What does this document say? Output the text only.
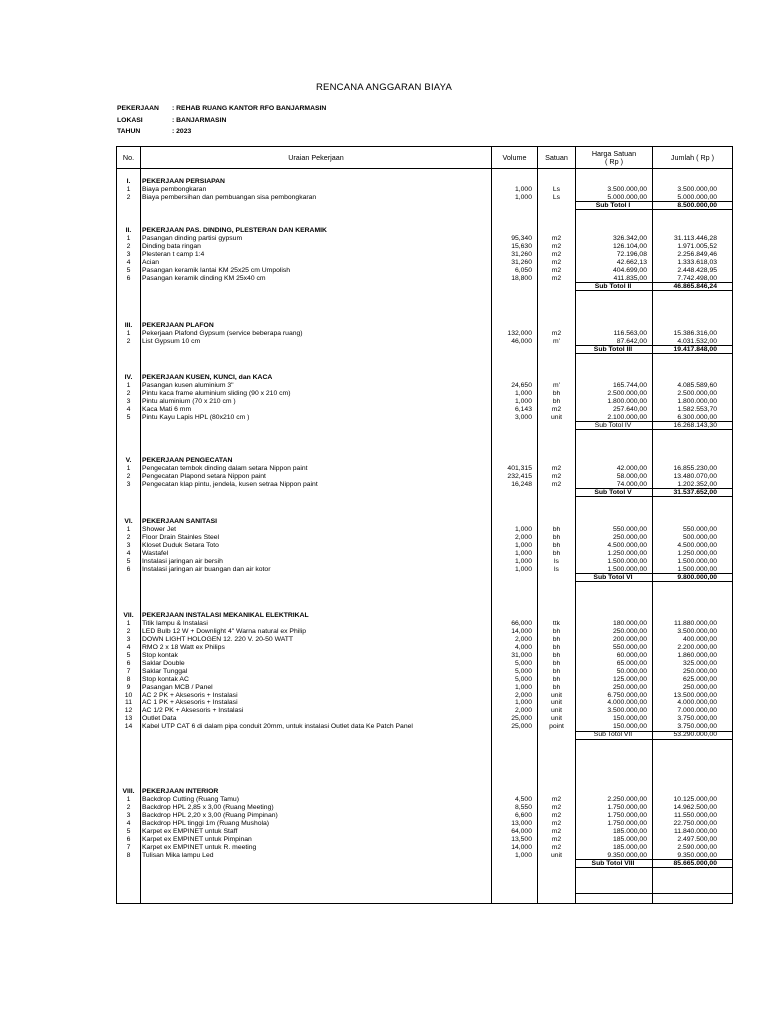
RENCANA ANGGARAN BIAYA
PEKERJAAN	: REHAB RUANG KANTOR RFO BANJARMASIN
LOKASI	: BANJARMASIN
TAHUN	: 2023
No.	Uraian Pekerjaan	Volume	Satuan	Harga Satuan
( Rp )	Jumlah ( Rp )
I.	PEKERJAAN PERSIAPAN
1	Biaya pembongkaran	1,000	Ls	3.500.000,00	3.500.000,00
2	Biaya pembersihan dan pembuangan sisa pembongkaran	1,000	Ls	5.000.000,00	5.000.000,00
Sub Totol I	8.500.000,00
II.	PEKERJAAN PAS. DINDING, PLESTERAN DAN KERAMIK
1	Pasangan dinding partisi gypsum	95,340	m2	326.342,00	31.113.446,28
2	Dinding bata ringan	15,630	m2	126.104,00	1.971.005,52
3	Plesteran t camp 1:4	31,260	m2	72.196,08	2.256.849,46
4	Acian	31,260	m2	42.662,13	1.333.618,03
5	Pasangan keramik lantai KM 25x25 cm Umpolish	6,050	m2	404.699,00	2.448.428,95
6	Pasangan keramik dinding KM 25x40 cm	18,800	m2	411.835,00	7.742.498,00
Sub Totol II	46.865.846,24
III.	PEKERJAAN PLAFON
1	Pekerjaan Plafond Gypsum (service beberapa ruang)	132,000	m2	116.563,00	15.386.316,00
2	List Gypsum 10 cm	46,000	m'	87.642,00	4.031.532,00
Sub Totol III	19.417.848,00
IV.	PEKERJAAN KUSEN, KUNCI, dan KACA
1	Pasangan kusen aluminium 3"	24,650	m'	165.744,00	4.085.589,60
2	Pintu kaca frame aluminium sliding (90 x 210 cm)	1,000	bh	2.500.000,00	2.500.000,00
3	Pintu aluminium (70 x 210 cm )	1,000	bh	1.800.000,00	1.800.000,00
4	Kaca Mati 6 mm	6,143	m2	257.640,00	1.582.553,70
5	Pintu Kayu Lapis HPL (80x210 cm )	3,000	unit	2.100.000,00	6.300.000,00
Sub Totol IV	16.268.143,30
V.	PEKERJAAN PENGECATAN
1	Pengecatan tembok dinding dalam setara Nippon paint	401,315	m2	42.000,00	16.855.230,00
2	Pengecatan Plapond setara Nippon paint	232,415	m2	58.000,00	13.480.070,00
3	Pengecatan klap pintu, jendela, kusen setraa Nippon paint	16,248	m2	74.000,00	1.202.352,00
Sub Totol V	31.537.652,00
VI.	PEKERJAAN SANITASI
1	Shower Jet	1,000	bh	550.000,00	550.000,00
2	Floor Drain Stainles Steel	2,000	bh	250.000,00	500.000,00
3	Kloset Duduk Setara Toto	1,000	bh	4.500.000,00	4.500.000,00
4	Wastafel	1,000	bh	1.250.000,00	1.250.000,00
5	Instalasi jaringan air bersih	1,000	ls	1.500.000,00	1.500.000,00
6	Instalasi jaringan air buangan dan air kotor	1,000	ls	1.500.000,00	1.500.000,00
Sub Totol VI	9.800.000,00
VII.	PEKERJAAN INSTALASI MEKANIKAL ELEKTRIKAL
1	Titik lampu & Instalasi	66,000	ttk	180.000,00	11.880.000,00
2	LED Bulb 12 W + Downlight 4" Warna natural ex Philip	14,000	bh	250.000,00	3.500.000,00
3	DOWN LIGHT HOLOGEN 12. 220 V. 20-50 WATT	2,000	bh	200.000,00	400.000,00
4	RMO 2 x 18 Watt ex Philips	4,000	bh	550.000,00	2.200.000,00
5	Stop kontak	31,000	bh	60.000,00	1.860.000,00
6	Saklar Double	5,000	bh	65.000,00	325.000,00
7	Saklar Tunggal	5,000	bh	50.000,00	250.000,00
8	Stop kontak AC	5,000	bh	125.000,00	625.000,00
9	Pasangan MCB / Panel	1,000	bh	250.000,00	250.000,00
10	AC 2 PK + Aksesoris + Instalasi	2,000	unit	6.750.000,00	13.500.000,00
11	AC 1 PK + Aksesoris + Instalasi	1,000	unit	4.000.000,00	4.000.000,00
12	AC 1/2 PK + Aksesoris + Instalasi	2,000	unit	3.500.000,00	7.000.000,00
13	Outlet Data	25,000	unit	150.000,00	3.750.000,00
14	Kabel UTP CAT 6 di dalam pipa conduit 20mm, untuk instalasi Outlet data Ke Patch Panel	25,000	point	150.000,00	3.750.000,00
Sub Totol VII	53.290.000,00
VIII.	PEKERJAAN INTERIOR
1	Backdrop Cutting (Ruang Tamu)	4,500	m2	2.250.000,00	10.125.000,00
2	Backdrop HPL 2,85 x 3,00 (Ruang Meeting)	8,550	m2	1.750.000,00	14.962.500,00
3	Backdrop HPL 2,20 x 3,00 (Ruang Pimpinan)	6,600	m2	1.750.000,00	11.550.000,00
4	Backdrop HPL tinggi 1m (Ruang Mushola)	13,000	m2	1.750.000,00	22.750.000,00
5	Karpet ex EMPINET untuk Staff	64,000	m2	185.000,00	11.840.000,00
6	Karpet ex EMPINET untuk Pimpinan	13,500	m2	185.000,00	2.497.500,00
7	Karpet ex EMPINET untuk R. meeting	14,000	m2	185.000,00	2.590.000,00
8	Tulisan Mika lampu Led	1,000	unit	9.350.000,00	9.350.000,00
Sub Totol VIII	85.665.000,00
